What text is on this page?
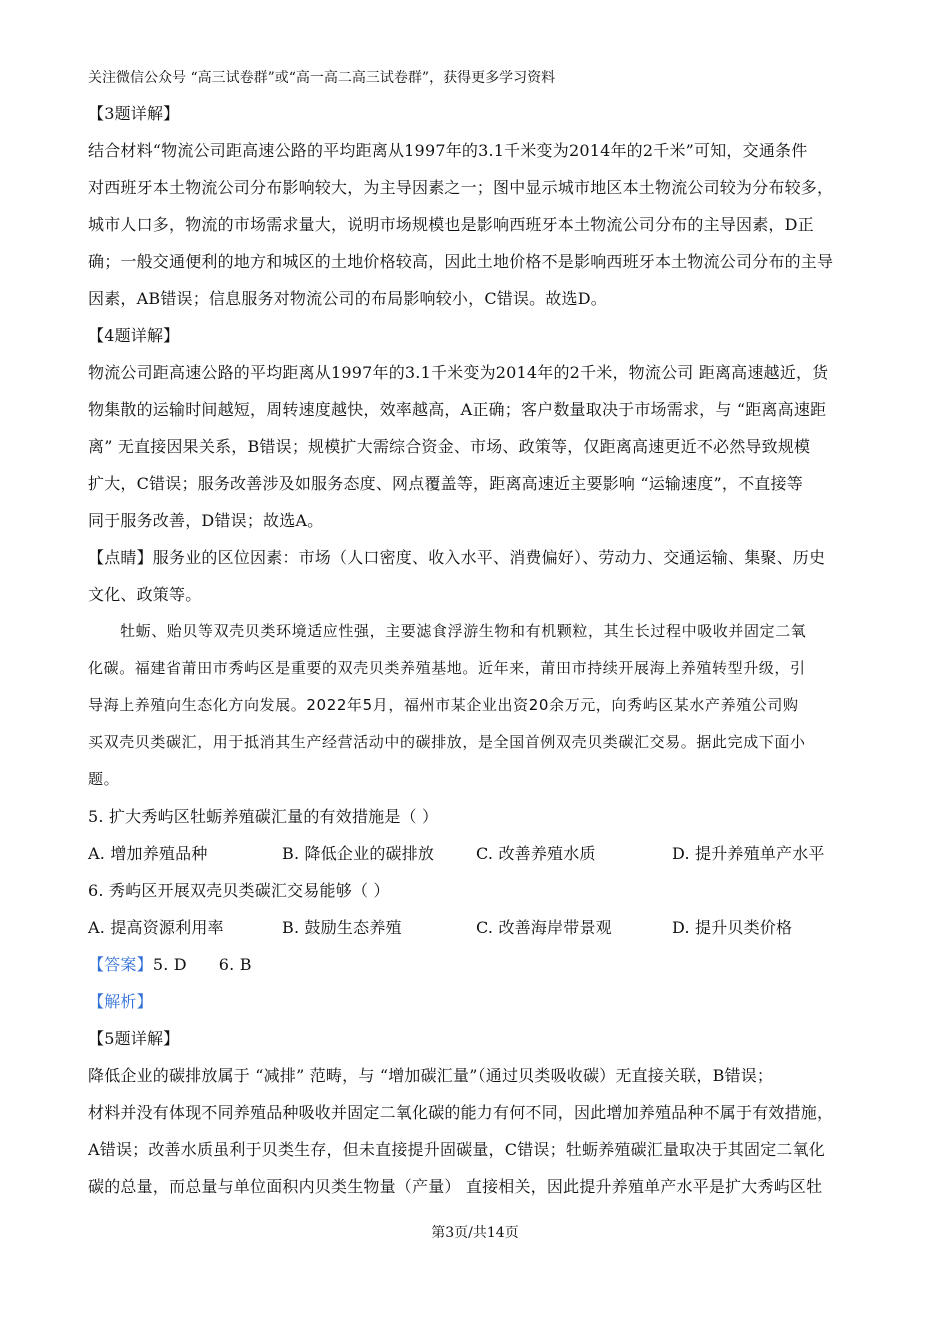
关注微信公众号 “高三试卷群”或“高一高二高三试卷群”，获得更多学习资料
【3题详解】
结合材料“物流公司距高速公路的平均距离从1997年的3.1千米变为2014年的2千米”可知，交通条件
对西班牙本土物流公司分布影响较大，为主导因素之一；图中显示城市地区本土物流公司较为分布较多，
城市人口多，物流的市场需求量大，说明市场规模也是影响西班牙本土物流公司分布的主导因素，D正
确；一般交通便利的地方和城区的土地价格较高，因此土地价格不是影响西班牙本土物流公司分布的主导
因素，AB错误；信息服务对物流公司的布局影响较小，C错误。故选D。
【4题详解】
物流公司距高速公路的平均距离从1997年的3.1千米变为2014年的2千米，物流公司 距离高速越近，货
物集散的运输时间越短，周转速度越快，效率越高，A正确；客户数量取决于市场需求，与 “距离高速距
离” 无直接因果关系，B错误；规模扩大需综合资金、市场、政策等，仅距离高速更近不必然导致规模
扩大，C错误；服务改善涉及如服务态度、网点覆盖等，距离高速近主要影响 “运输速度”，不直接等
同于服务改善，D错误；故选A。
【点睛】服务业的区位因素：市场（人口密度、收入水平、消费偏好）、劳动力、交通运输、集聚、历史
文化、政策等。
牡蛎、贻贝等双壳贝类环境适应性强，主要滤食浮游生物和有机颗粒，其生长过程中吸收并固定二氧
化碳。福建省莆田市秀屿区是重要的双壳贝类养殖基地。近年来，莆田市持续开展海上养殖转型升级，引
导海上养殖向生态化方向发展。2022年5月，福州市某企业出资20余万元，向秀屿区某水产养殖公司购
买双壳贝类碳汇，用于抵消其生产经营活动中的碳排放，是全国首例双壳贝类碳汇交易。据此完成下面小
题。
5. 扩大秀屿区牡蛎养殖碳汇量的有效措施是（ ）
A. 增加养殖品种	B. 降低企业的碳排放	C. 改善养殖水质	D. 提升养殖单产水平
6. 秀屿区开展双壳贝类碳汇交易能够（ ）
A. 提高资源利用率	B. 鼓励生态养殖	C. 改善海岸带景观	D. 提升贝类价格
【答案】5. D 6. B
【解析】
【5题详解】
降低企业的碳排放属于 “减排” 范畴，与 “增加碳汇量”（通过贝类吸收碳）无直接关联，B错误；
材料并没有体现不同养殖品种吸收并固定二氧化碳的能力有何不同，因此增加养殖品种不属于有效措施，
A错误；改善水质虽利于贝类生存，但未直接提升固碳量，C错误；牡蛎养殖碳汇量取决于其固定二氧化
碳的总量，而总量与单位面积内贝类生物量（产量） 直接相关，因此提升养殖单产水平是扩大秀屿区牡
第3页/共14页
